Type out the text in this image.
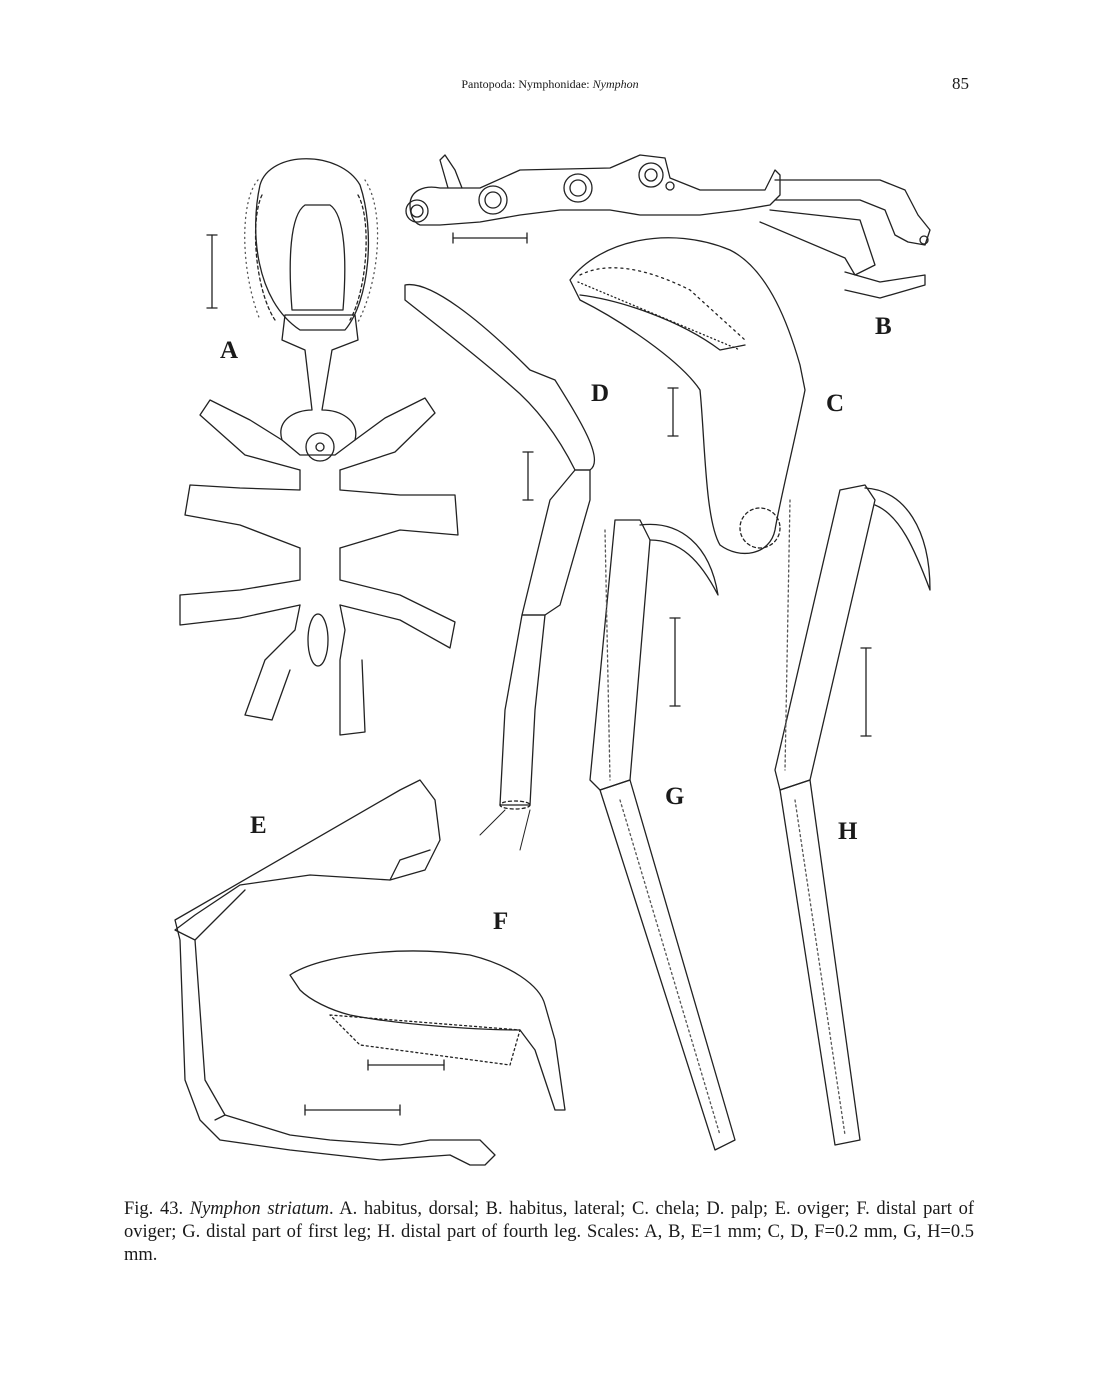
Pantopoda: Nymphonidae: Nymphon	85
A
B
C
D
E
F
G
H
Fig. 43. Nymphon striatum. A. habitus, dorsal; B. habitus, lateral; C. chela; D. palp; E. oviger; F. distal part of oviger; G. distal part of first leg; H. distal part of fourth leg. Scales: A, B, E=1 mm; C, D, F=0.2 mm, G, H=0.5 mm.
